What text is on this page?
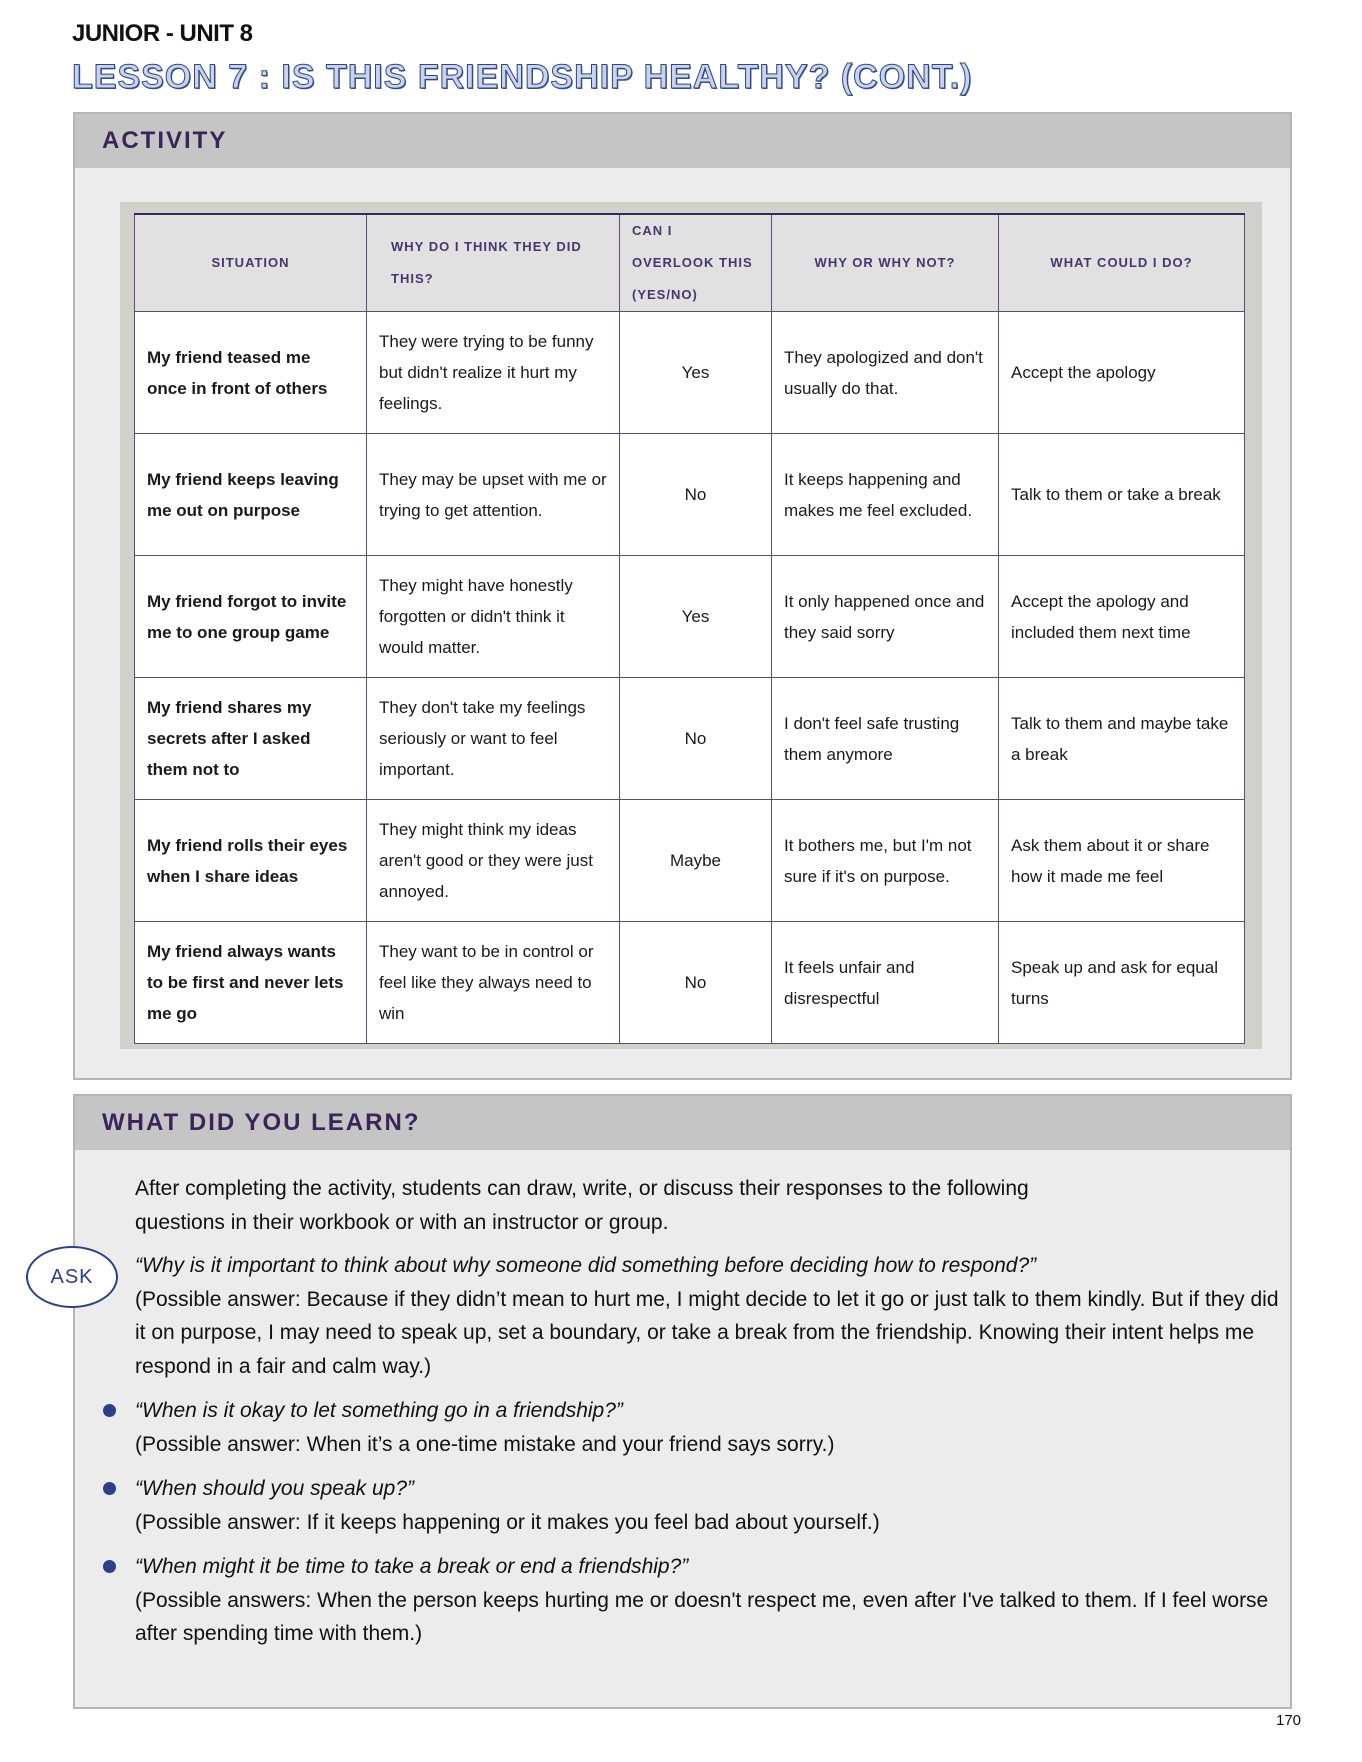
JUNIOR - UNIT 8
LESSON 7 : IS THIS FRIENDSHIP HEALTHY? (CONT.)
ACTIVITY
SITUATION	WHY DO I THINK THEY DID THIS?	CAN I OVERLOOK THIS (YES/NO)	WHY OR WHY NOT?	WHAT COULD I DO?
My friend teased me once in front of others	They were trying to be funny but didn't realize it hurt my feelings.	Yes	They apologized and don't usually do that.	Accept the apology
My friend keeps leaving me out on purpose	They may be upset with me or trying to get attention.	No	It keeps happening and makes me feel excluded.	Talk to them or take a break
My friend forgot to invite me to one group game	They might have honestly forgotten or didn't think it would matter.	Yes	It only happened once and they said sorry	Accept the apology and included them next time
My friend shares my secrets after I asked them not to	They don't take my feelings seriously or want to feel important.	No	I don't feel safe trusting them anymore	Talk to them and maybe take a break
My friend rolls their eyes when I share ideas	They might think my ideas aren't good or they were just annoyed.	Maybe	It bothers me, but I'm not sure if it's on purpose.	Ask them about it or share how it made me feel
My friend always wants to be first and never lets me go	They want to be in control or feel like they always need to win	No	It feels unfair and disrespectful	Speak up and ask for equal turns
WHAT DID YOU LEARN?
After completing the activity, students can draw, write, or discuss their responses to the following questions in their workbook or with an instructor or group.
ASK	“Why is it important to think about why someone did something before deciding how to respond?”
(Possible answer: Because if they didn’t mean to hurt me, I might decide to let it go or just talk to them kindly. But if they did it on purpose, I may need to speak up, set a boundary, or take a break from the friendship. Knowing their intent helps me respond in a fair and calm way.)
“When is it okay to let something go in a friendship?”
(Possible answer: When it’s a one-time mistake and your friend says sorry.)
“When should you speak up?”
(Possible answer: If it keeps happening or it makes you feel bad about yourself.)
“When might it be time to take a break or end a friendship?”
(Possible answers: When the person keeps hurting me or doesn't respect me, even after I've talked to them. If I feel worse after spending time with them.)
170
